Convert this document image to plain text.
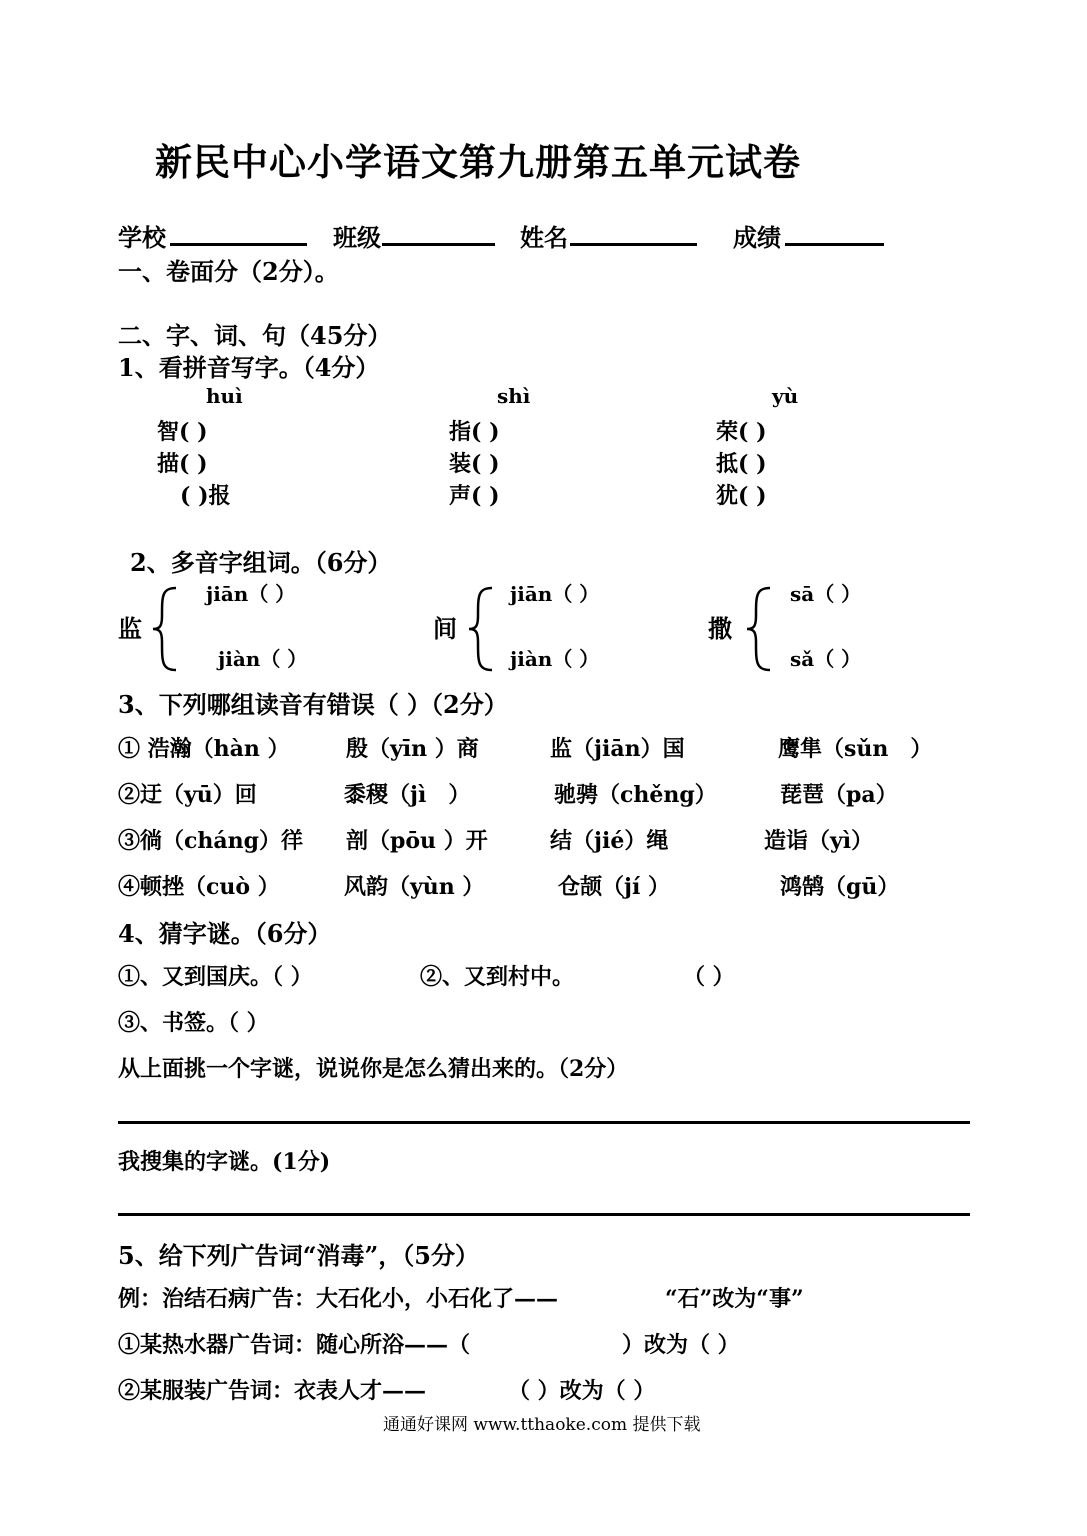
新民中心小学语文第九册第五单元试卷
学校	班级	姓名	成绩
一、卷面分（2分）。
二、字、词、句（45分）
1、看拼音写字。（4分）
huì	shì	yù
智( )	指( )	荣( )
描( )	装( )	抵( )
( )报	声( )	犹( )
2、多音字组词。（6分）
监
jiān（ ）
jiàn（ ）
间
jiān（ ）
jiàn（ ）
撒
sā（ ）
sǎ（ ）
3、下列哪组读音有错误（ ）（2分）
① 浩瀚（hàn ）	殷（yīn ）商	监（jiān）国	鹰隼（sǔn　）
②迂（yū）回	黍稷（jì　）	驰骋（chěng）	琵琶（pa）
③徜（cháng）徉 剖（pōu ）开	结（jié）绳	造诣（yì）
④顿挫（cuò ）	风韵（yùn ）	仓颉（jí ）	鸿鹄（gū）
4、猜字谜。（6分）
①、又到国庆。（ ）	②、又到村中。	（ ）
③、书签。（ ）
从上面挑一个字谜，说说你是怎么猜出来的。（2分）
我搜集的字谜。(1分)
5、给下列广告词“消毒”，（5分）
例：治结石病广告：大石化小，小石化了——	“石”改为“事”
①某热水器广告词：随心所浴——（	）改为（ ）
②某服装广告词：衣表人才——	（ ）改为（ ）
通通好课网 www.tthaoke.com 提供下载
